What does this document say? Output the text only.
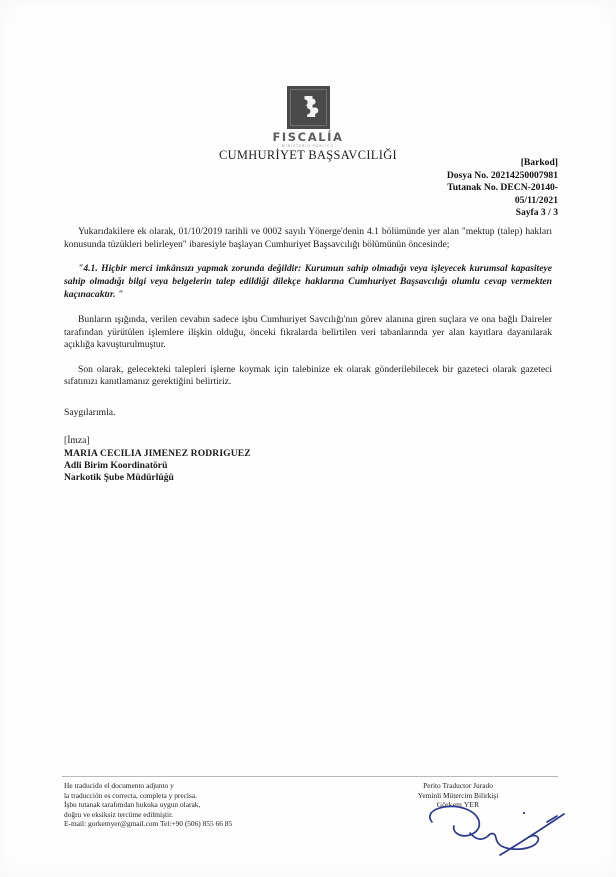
FISCALÍA
MINISTERIO PUBLICO
CUMHURİYET BAŞSAVCILIĞI
[Barkod]
Dosya No. 20214250007981
Tutanak No. DECN-20140-
05/11/2021
Sayfa 3 / 3

Yukarıdakilere ek olarak, 01/10/2019 tarihli ve 0002 sayılı Yönerge'denin 4.1 bölümünde yer alan "mektup (talep) hakları konusunda tüzükleri belirleyen" ibaresiyle başlayan Cumhuriyet Başsavcılığı bölümünün öncesinde;

"4.1. Hiçbir merci imkânsızı yapmak zorunda değildir: Kurumun sahip olmadığı veya işleyecek kurumsal kapasiteye sahip olmadığı bilgi veya belgelerin talep edildiği dilekçe haklarına Cumhuriyet Başsavcılığı olumlu cevap vermekten kaçınacaktır. "

Bunların ışığında, verilen cevabın sadece işbu Cumhuriyet Savcılığı'nın görev alanına giren suçlara ve ona bağlı Daireler tarafından yürütülen işlemlere ilişkin olduğu, önceki fıkralarda belirtilen veri tabanlarında yer alan kayıtlara dayanılarak açıklığa kavuşturulmuştur.

Son olarak, gelecekteki talepleri işleme koymak için talebinize ek olarak gönderilebilecek bir gazeteci olarak gazeteci sıfatınızı kanıtlamanız gerektiğini belirtiriz.

Saygılarımla.

[İmza]
MARIA CECILIA JIMENEZ RODRIGUEZ
Adli Birim Koordinatörü
Narkotik Şube Müdürlüğü
He traducido el documento adjunto y
la traducción es correcta, completa y precisa.
İşbu tutanak tarafımdan hukuka uygun olarak,
doğru ve eksiksiz tercüme edilmiştir.
E-mail: gorkemyer@gmail.com Tel:+90 (506) 855 66 85
Perito Traductor Jurado
Yeminli Mütercim Bilirkişi
Görkem YER
